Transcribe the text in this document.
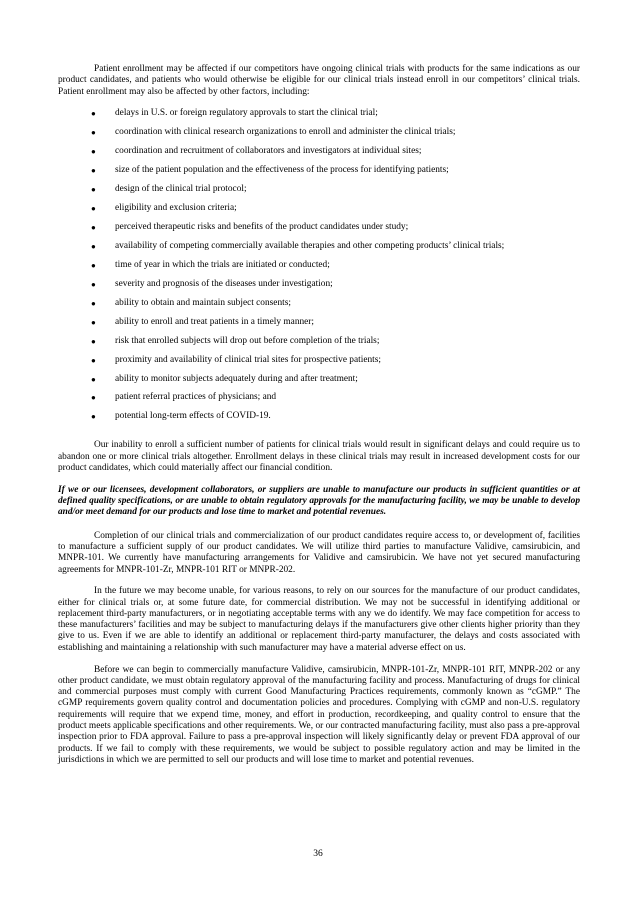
Patient enrollment may be affected if our competitors have ongoing clinical trials with products for the same indications as our product candidates, and patients who would otherwise be eligible for our clinical trials instead enroll in our competitors’ clinical trials. Patient enrollment may also be affected by other factors, including:

● delays in U.S. or foreign regulatory approvals to start the clinical trial;
● coordination with clinical research organizations to enroll and administer the clinical trials;
● coordination and recruitment of collaborators and investigators at individual sites;
● size of the patient population and the effectiveness of the process for identifying patients;
● design of the clinical trial protocol;
● eligibility and exclusion criteria;
● perceived therapeutic risks and benefits of the product candidates under study;
● availability of competing commercially available therapies and other competing products’ clinical trials;
● time of year in which the trials are initiated or conducted;
● severity and prognosis of the diseases under investigation;
● ability to obtain and maintain subject consents;
● ability to enroll and treat patients in a timely manner;
● risk that enrolled subjects will drop out before completion of the trials;
● proximity and availability of clinical trial sites for prospective patients;
● ability to monitor subjects adequately during and after treatment;
● patient referral practices of physicians; and
● potential long-term effects of COVID-19.

Our inability to enroll a sufficient number of patients for clinical trials would result in significant delays and could require us to abandon one or more clinical trials altogether. Enrollment delays in these clinical trials may result in increased development costs for our product candidates, which could materially affect our financial condition.

If we or our licensees, development collaborators, or suppliers are unable to manufacture our products in sufficient quantities or at defined quality specifications, or are unable to obtain regulatory approvals for the manufacturing facility, we may be unable to develop and/or meet demand for our products and lose time to market and potential revenues.

Completion of our clinical trials and commercialization of our product candidates require access to, or development of, facilities to manufacture a sufficient supply of our product candidates. We will utilize third parties to manufacture Validive, camsirubicin, and MNPR-101. We currently have manufacturing arrangements for Validive and camsirubicin. We have not yet secured manufacturing agreements for MNPR-101-Zr, MNPR-101 RIT or MNPR-202.

In the future we may become unable, for various reasons, to rely on our sources for the manufacture of our product candidates, either for clinical trials or, at some future date, for commercial distribution. We may not be successful in identifying additional or replacement third-party manufacturers, or in negotiating acceptable terms with any we do identify. We may face competition for access to these manufacturers’ facilities and may be subject to manufacturing delays if the manufacturers give other clients higher priority than they give to us. Even if we are able to identify an additional or replacement third-party manufacturer, the delays and costs associated with establishing and maintaining a relationship with such manufacturer may have a material adverse effect on us.

Before we can begin to commercially manufacture Validive, camsirubicin, MNPR-101-Zr, MNPR-101 RIT, MNPR-202 or any other product candidate, we must obtain regulatory approval of the manufacturing facility and process. Manufacturing of drugs for clinical and commercial purposes must comply with current Good Manufacturing Practices requirements, commonly known as “cGMP.” The cGMP requirements govern quality control and documentation policies and procedures. Complying with cGMP and non-U.S. regulatory requirements will require that we expend time, money, and effort in production, recordkeeping, and quality control to ensure that the product meets applicable specifications and other requirements. We, or our contracted manufacturing facility, must also pass a pre-approval inspection prior to FDA approval. Failure to pass a pre-approval inspection will likely significantly delay or prevent FDA approval of our products. If we fail to comply with these requirements, we would be subject to possible regulatory action and may be limited in the jurisdictions in which we are permitted to sell our products and will lose time to market and potential revenues.

36
